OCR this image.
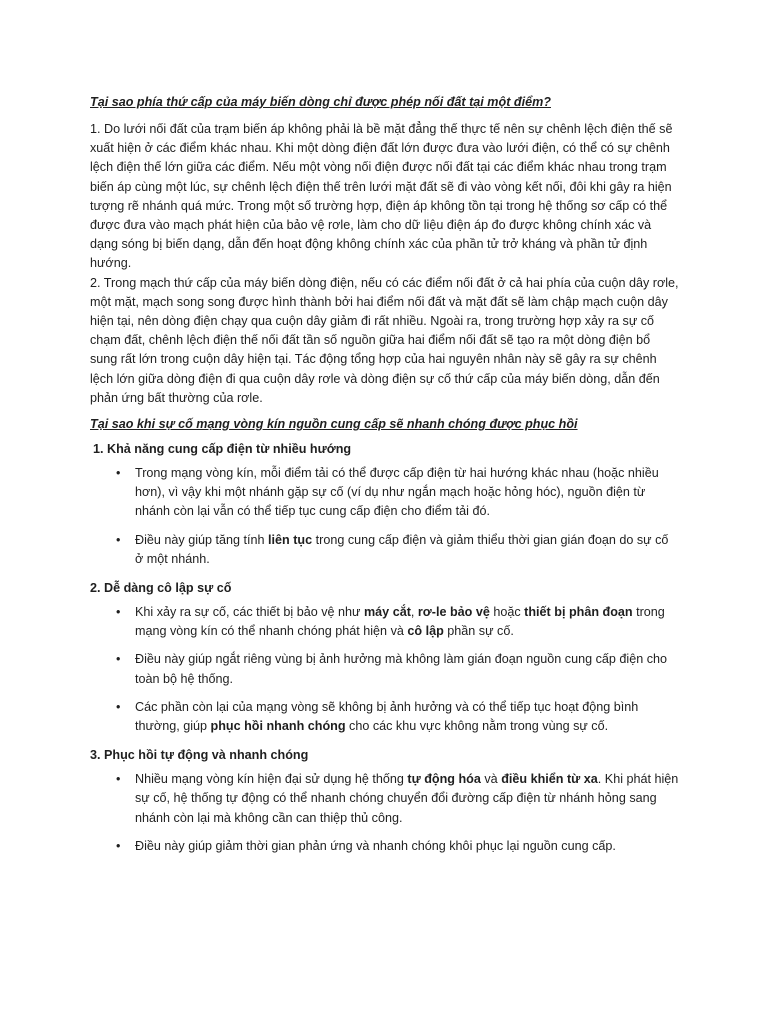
Tại sao phía thứ cấp của máy biến dòng chỉ được phép nối đất tại một điểm?

1. Do lưới nối đất của trạm biến áp không phải là bề mặt đẳng thế thực tế nên sự chênh lệch điện thế sẽ xuất hiện ở các điểm khác nhau. Khi một dòng điện đất lớn được đưa vào lưới điện, có thể có sự chênh lệch điện thế lớn giữa các điểm. Nếu một vòng nối điện được nối đất tại các điểm khác nhau trong trạm biến áp cùng một lúc, sự chênh lệch điện thế trên lưới mặt đất sẽ đi vào vòng kết nối, đôi khi gây ra hiện tượng rẽ nhánh quá mức. Trong một số trường hợp, điện áp không tồn tại trong hệ thống sơ cấp có thể được đưa vào mạch phát hiện của bảo vệ rơle, làm cho dữ liệu điện áp đo được không chính xác và dạng sóng bị biến dạng, dẫn đến hoạt động không chính xác của phần tử trở kháng và phần tử định hướng.

2. Trong mạch thứ cấp của máy biến dòng điện, nếu có các điểm nối đất ở cả hai phía của cuộn dây rơle, một mặt, mạch song song được hình thành bởi hai điểm nối đất và mặt đất sẽ làm chập mạch cuộn dây hiện tại, nên dòng điện chạy qua cuộn dây giảm đi rất nhiều. Ngoài ra, trong trường hợp xảy ra sự cố chạm đất, chênh lệch điện thế nối đất tần số nguồn giữa hai điểm nối đất sẽ tạo ra một dòng điện bổ sung rất lớn trong cuộn dây hiện tại. Tác động tổng hợp của hai nguyên nhân này sẽ gây ra sự chênh lệch lớn giữa dòng điện đi qua cuộn dây rơle và dòng điện sự cố thứ cấp của máy biến dòng, dẫn đến phản ứng bất thường của rơle.

Tại sao khi sự cố mạng vòng kín nguồn cung cấp sẽ nhanh chóng được phục hồi

1. Khả năng cung cấp điện từ nhiều hướng

• Trong mạng vòng kín, mỗi điểm tải có thể được cấp điện từ hai hướng khác nhau (hoặc nhiều hơn), vì vậy khi một nhánh gặp sự cố (ví dụ như ngắn mạch hoặc hỏng hóc), nguồn điện từ nhánh còn lại vẫn có thể tiếp tục cung cấp điện cho điểm tải đó.
• Điều này giúp tăng tính liên tục trong cung cấp điện và giảm thiểu thời gian gián đoạn do sự cố ở một nhánh.

2. Dễ dàng cô lập sự cố

• Khi xảy ra sự cố, các thiết bị bảo vệ như máy cắt, rơ-le bảo vệ hoặc thiết bị phân đoạn trong mạng vòng kín có thể nhanh chóng phát hiện và cô lập phần sự cố.
• Điều này giúp ngắt riêng vùng bị ảnh hưởng mà không làm gián đoạn nguồn cung cấp điện cho toàn bộ hệ thống.
• Các phần còn lại của mạng vòng sẽ không bị ảnh hưởng và có thể tiếp tục hoạt động bình thường, giúp phục hồi nhanh chóng cho các khu vực không nằm trong vùng sự cố.

3. Phục hồi tự động và nhanh chóng

• Nhiều mạng vòng kín hiện đại sử dụng hệ thống tự động hóa và điều khiển từ xa. Khi phát hiện sự cố, hệ thống tự động có thể nhanh chóng chuyển đổi đường cấp điện từ nhánh hỏng sang nhánh còn lại mà không cần can thiệp thủ công.
• Điều này giúp giảm thời gian phản ứng và nhanh chóng khôi phục lại nguồn cung cấp.
